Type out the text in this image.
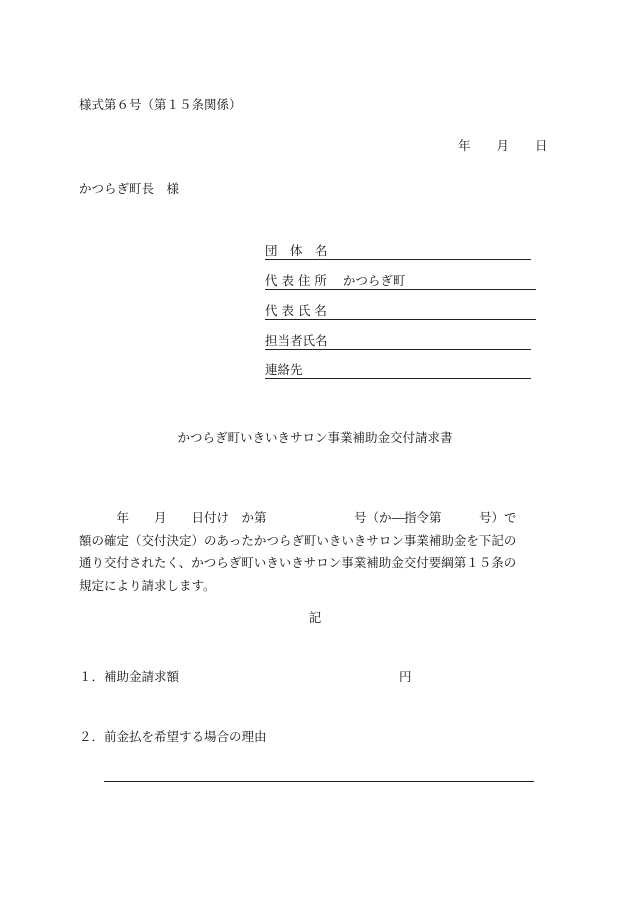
様式第６号（第１５条関係）
年 月 日
かつらぎ町長　様
団　体　名
代 表 住 所 かつらぎ町
代 表 氏 名
担当者氏名
連絡先
かつらぎ町いきいきサロン事業補助金交付請求書
　　　年　　月　　日付け　か第　　　　　　　号（か―指令第　　　号）で
額の確定（交付決定）のあったかつらぎ町いきいきサロン事業補助金を下記の
通り交付されたく、かつらぎ町いきいきサロン事業補助金交付要綱第１５条の
規定により請求します。
記
１．補助金請求額	円
２．前金払を希望する場合の理由
